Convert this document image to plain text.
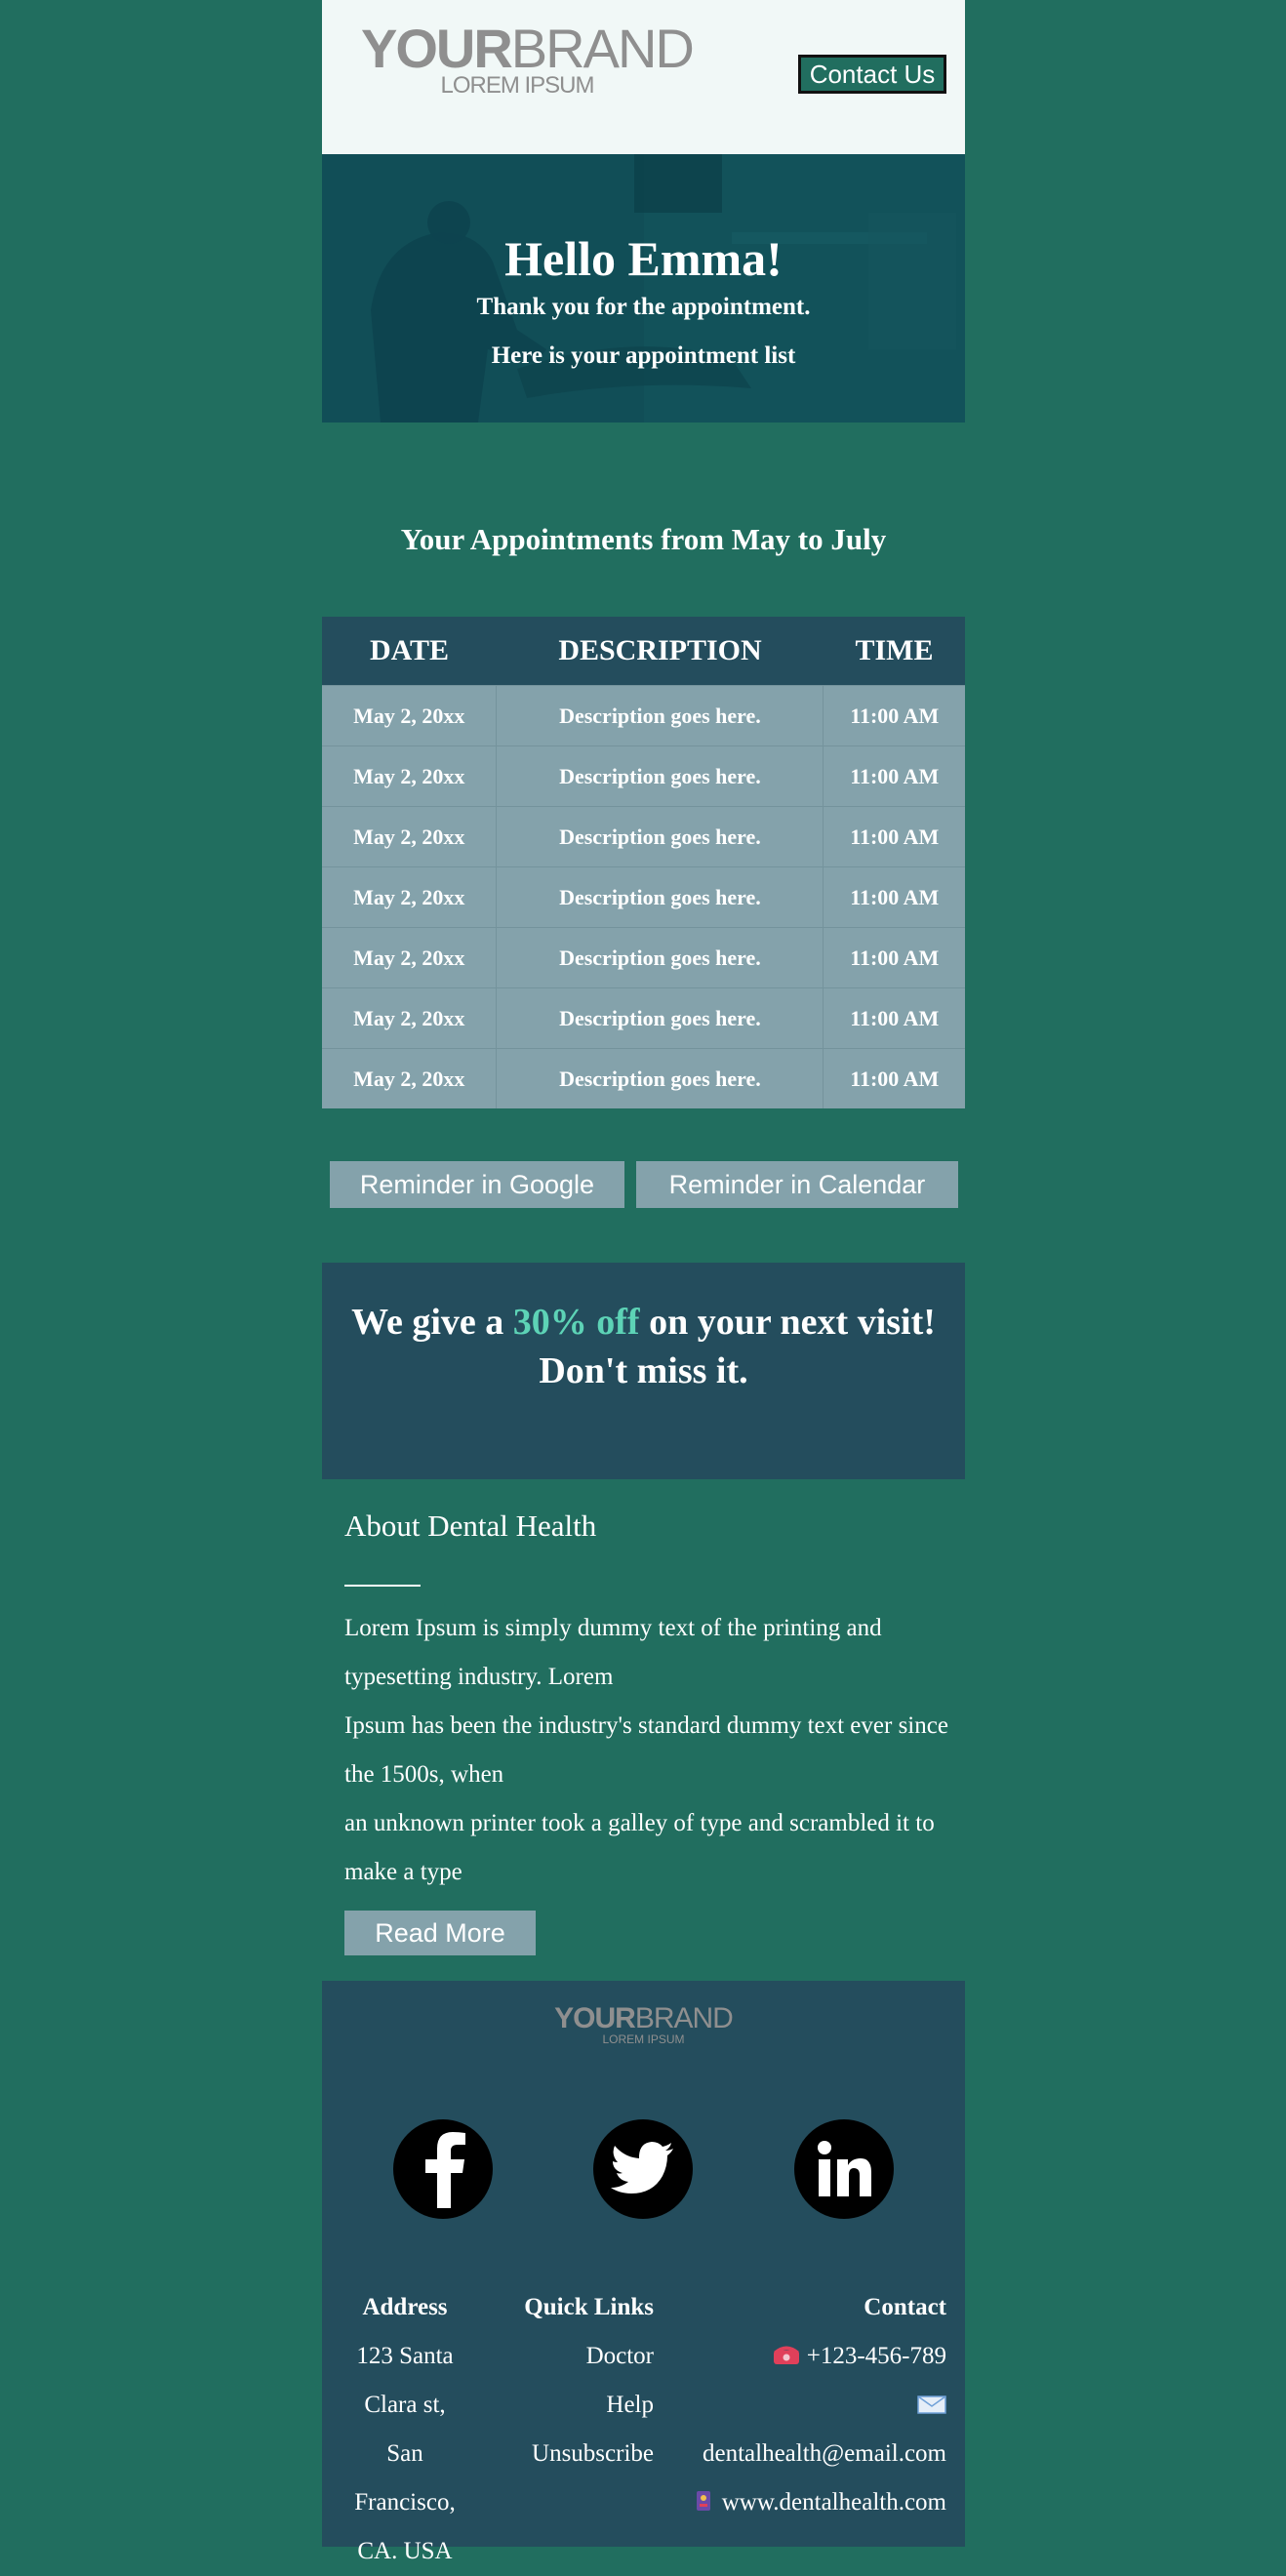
YOURBRAND
LOREM IPSUM	Contact Us
Hello Emma!
Thank you for the appointment.
Here is your appointment list
Your Appointments from May to July
DATE	DESCRIPTION	TIME
May 2, 20xx	Description goes here.	11:00 AM
May 2, 20xx	Description goes here.	11:00 AM
May 2, 20xx	Description goes here.	11:00 AM
May 2, 20xx	Description goes here.	11:00 AM
May 2, 20xx	Description goes here.	11:00 AM
May 2, 20xx	Description goes here.	11:00 AM
May 2, 20xx	Description goes here.	11:00 AM
Reminder in Google	Reminder in Calendar
We give a 30% off on your next visit!
Don't miss it.
About Dental Health
Lorem Ipsum is simply dummy text of the printing and typesetting industry. Lorem
Ipsum has been the industry's standard dummy text ever since the 1500s, when
an unknown printer took a galley of type and scrambled it to make a type
Read More
YOURBRAND
LOREM IPSUM
Address
123 Santa Clara st,
San Francisco, CA. USA
Quick Links
Doctor
Help
Unsubscribe
Contact
+123-456-789
dentalhealth@email.com
www.dentalhealth.com
